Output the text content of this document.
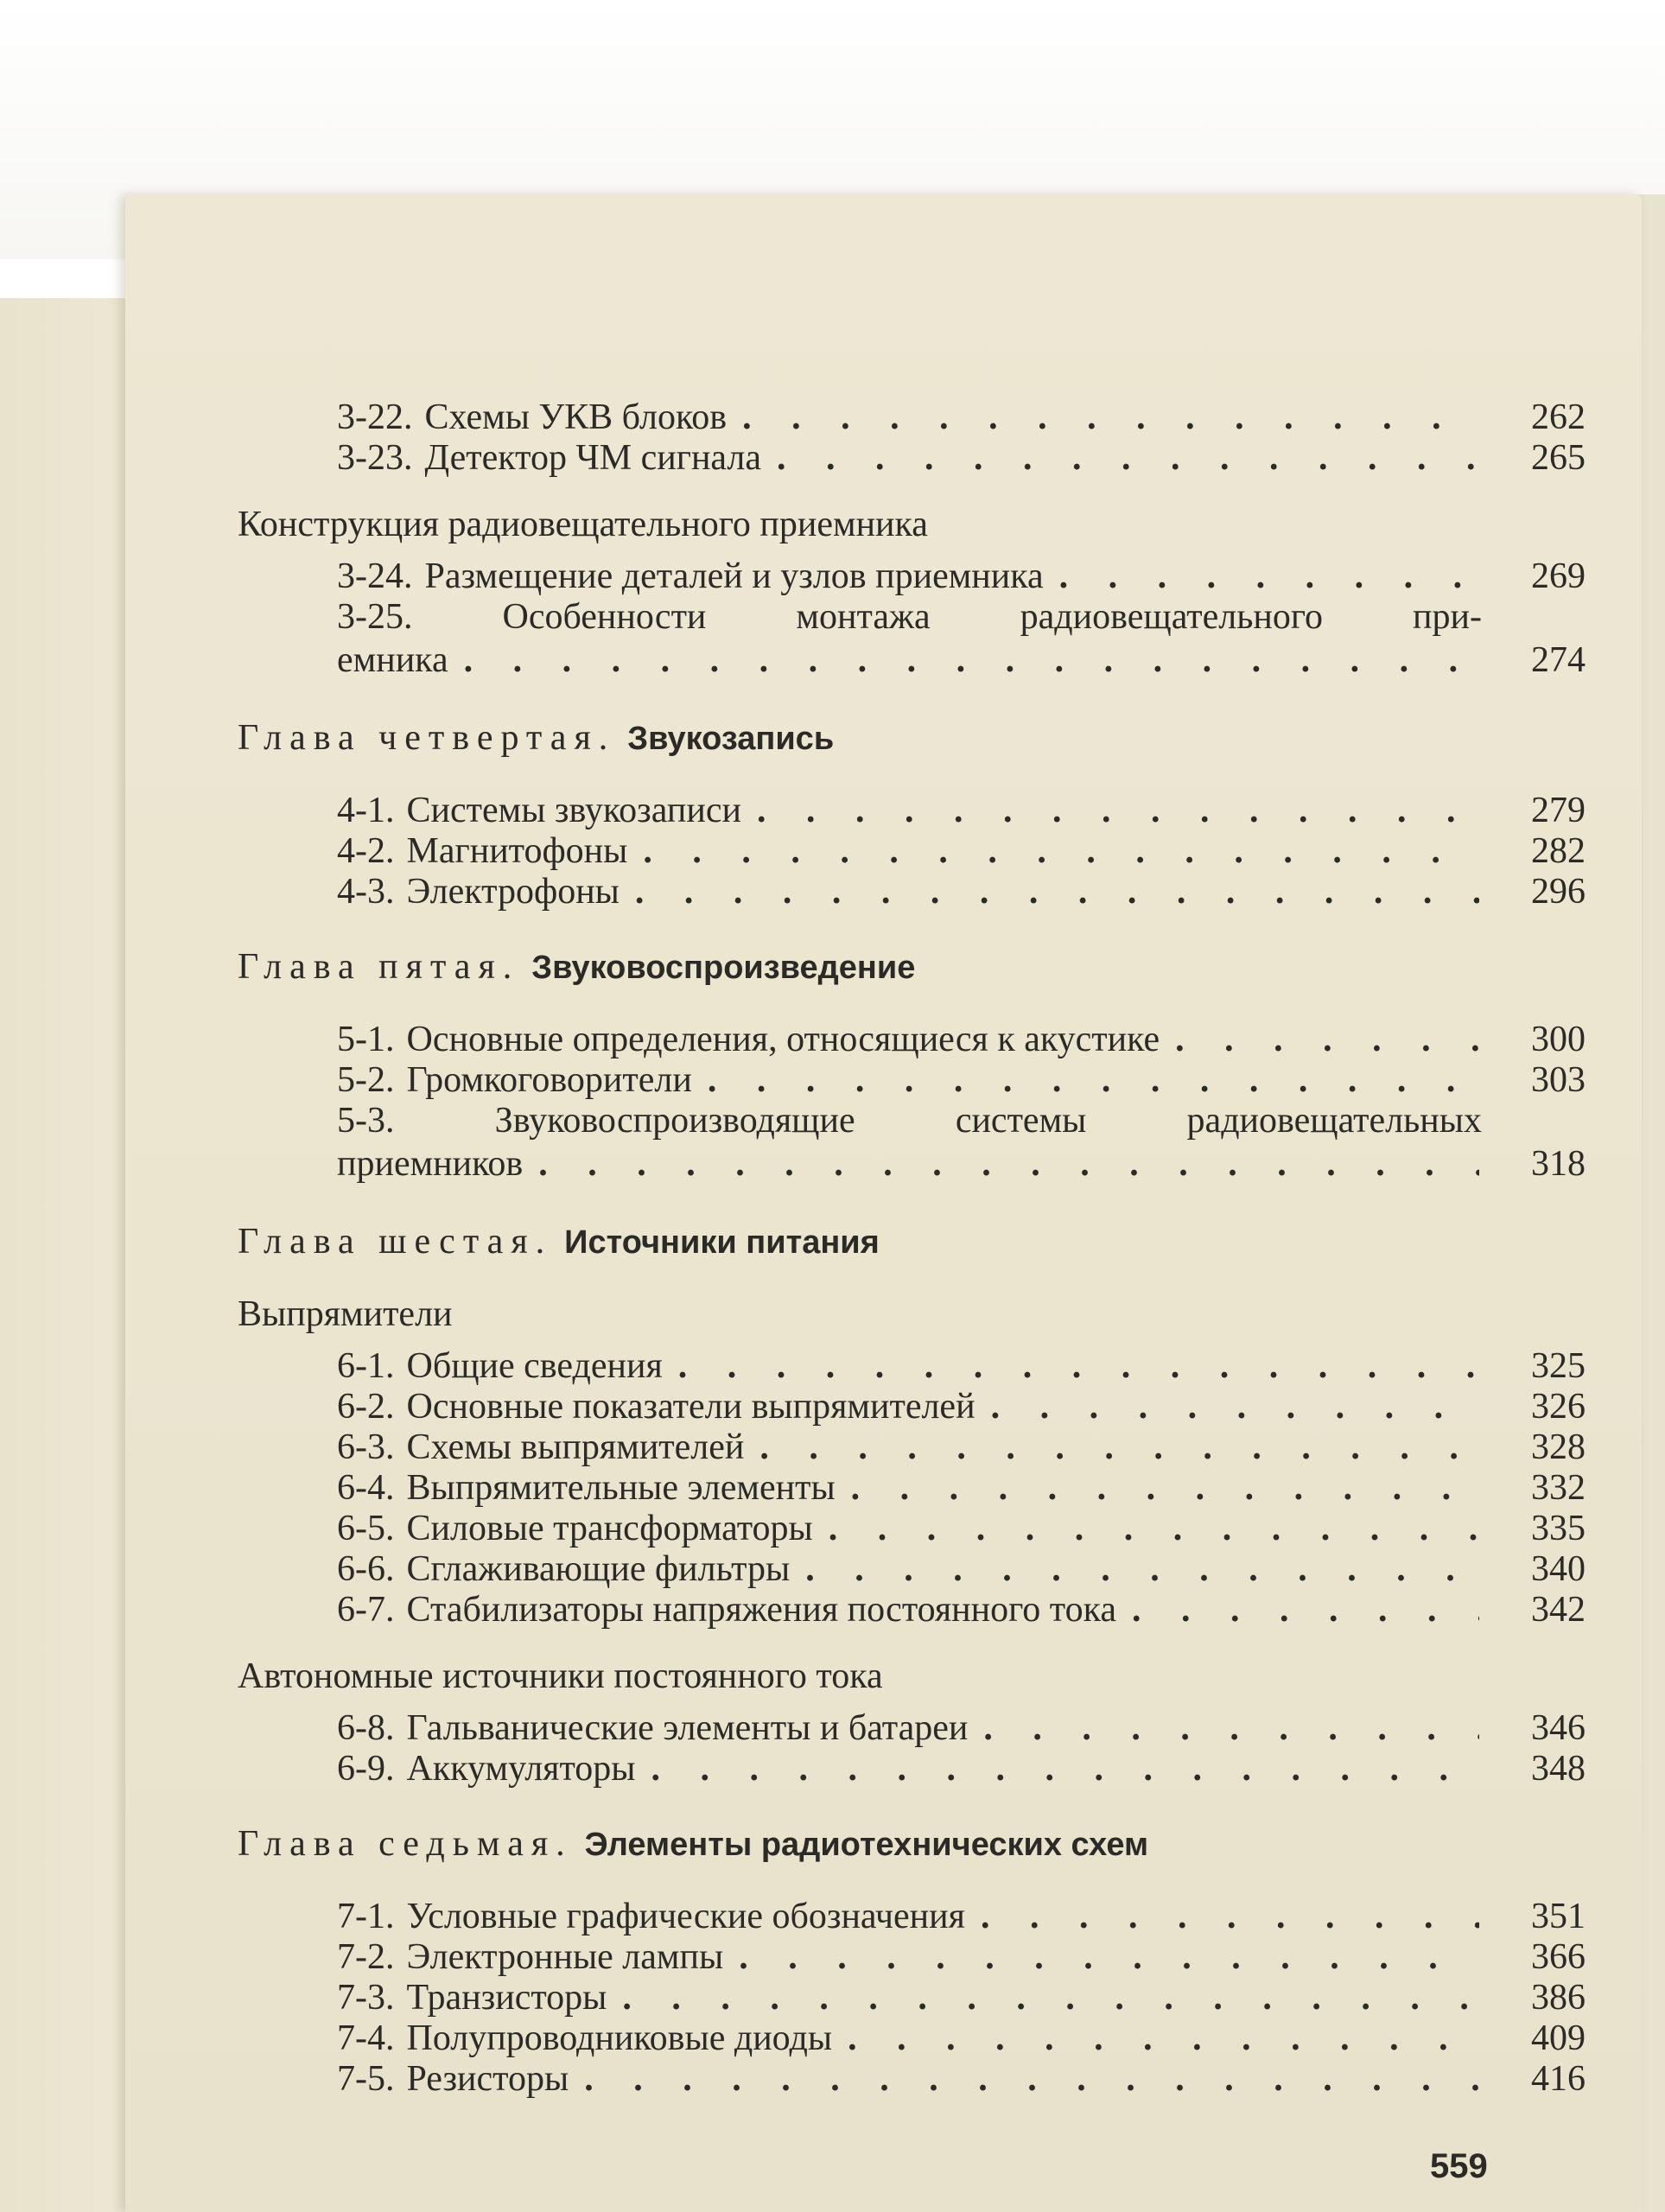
3-22. Схемы УКВ блоков . . .	262
3-23. Детектор ЧМ сигнала . . .	265
Конструкция радиовещательного приемника
3-24. Размещение деталей и узлов приемника . . .	269
3-25. Особенности монтажа радиовещательного при-
емника . . .	274
Глава четвертая. Звукозапись
4-1. Системы звукозаписи . . .	279
4-2. Магнитофоны . . .	282
4-3. Электрофоны . . .	296
Глава пятая. Звуковоспроизведение
5-1. Основные определения, относящиеся к акустике . . .	300
5-2. Громкоговорители . . .	303
5-3.	Звуковоспроизводящие	системы	радиовещательных
приемников . . .	318
Глава шестая. Источники питания
Выпрямители
6-1. Общие сведения . . .	325
6-2. Основные показатели выпрямителей . . .	326
6-3. Схемы выпрямителей . . .	328
6-4. Выпрямительные элементы . . .	332
6-5. Силовые трансформаторы . . .	335
6-6. Сглаживающие фильтры . . .	340
6-7. Стабилизаторы напряжения постоянного тока . . .	342
Автономные источники постоянного тока
6-8. Гальванические элементы и батареи . . .	346
6-9. Аккумуляторы . . .	348
Глава седьмая. Элементы радиотехнических схем
7-1. Условные графические обозначения . . .	351
7-2. Электронные лампы . . .	366
7-3. Транзисторы . . .	386
7-4. Полупроводниковые диоды . . .	409
7-5. Резисторы . . .	416
559
